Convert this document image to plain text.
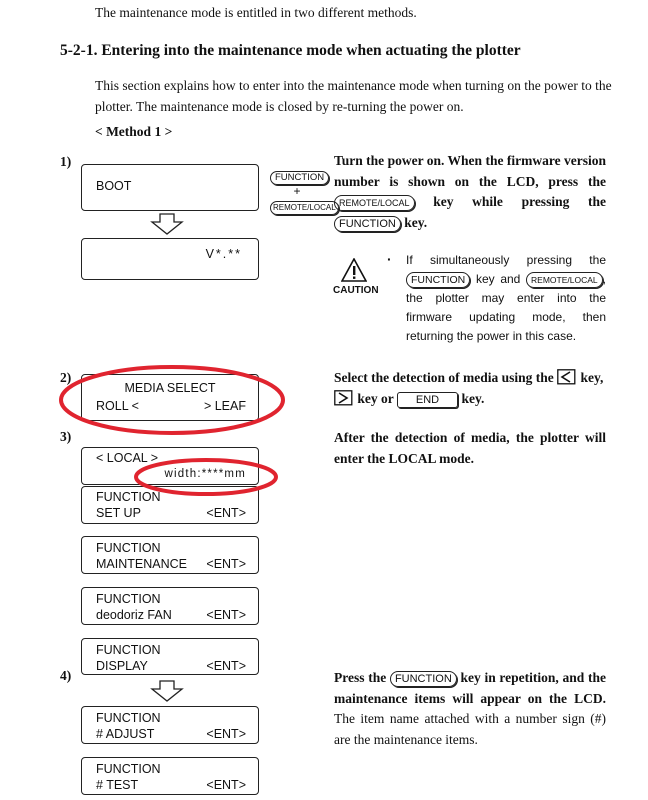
The maintenance mode is entitled in two different methods.
5-2-1. Entering into the maintenance mode when actuating the plotter
This section explains how to enter into the maintenance mode when turning on the power to the plotter. The maintenance mode is closed by re-turning the power on.
< Method 1 >
1)
BOOT
FUNCTION
+
REMOTE/LOCAL
V*.**
Turn the power on. When the firmware version number is shown on the LCD, press the REMOTE/LOCAL key while pressing the FUNCTION key.
CAUTION
· If simultaneously pressing the FUNCTION key and REMOTE/LOCAL , the plotter may enter into the firmware updating mode, then returning the power in this case.
2)
MEDIA SELECT
ROLL <	> LEAF
Select the detection of media using the key,
key or END key.
3)
< LOCAL >
width:****mm
FUNCTION
SET UP	<ENT>
FUNCTION
MAINTENANCE	<ENT>
FUNCTION
deodoriz FAN	<ENT>
FUNCTION
DISPLAY	<ENT>
After the detection of media, the plotter will enter the LOCAL mode.
4)
FUNCTION
# ADJUST	<ENT>
FUNCTION
# TEST	<ENT>
Press the FUNCTION key in repetition, and the maintenance items will appear on the LCD. The item name attached with a number sign (#) are the maintenance items.
